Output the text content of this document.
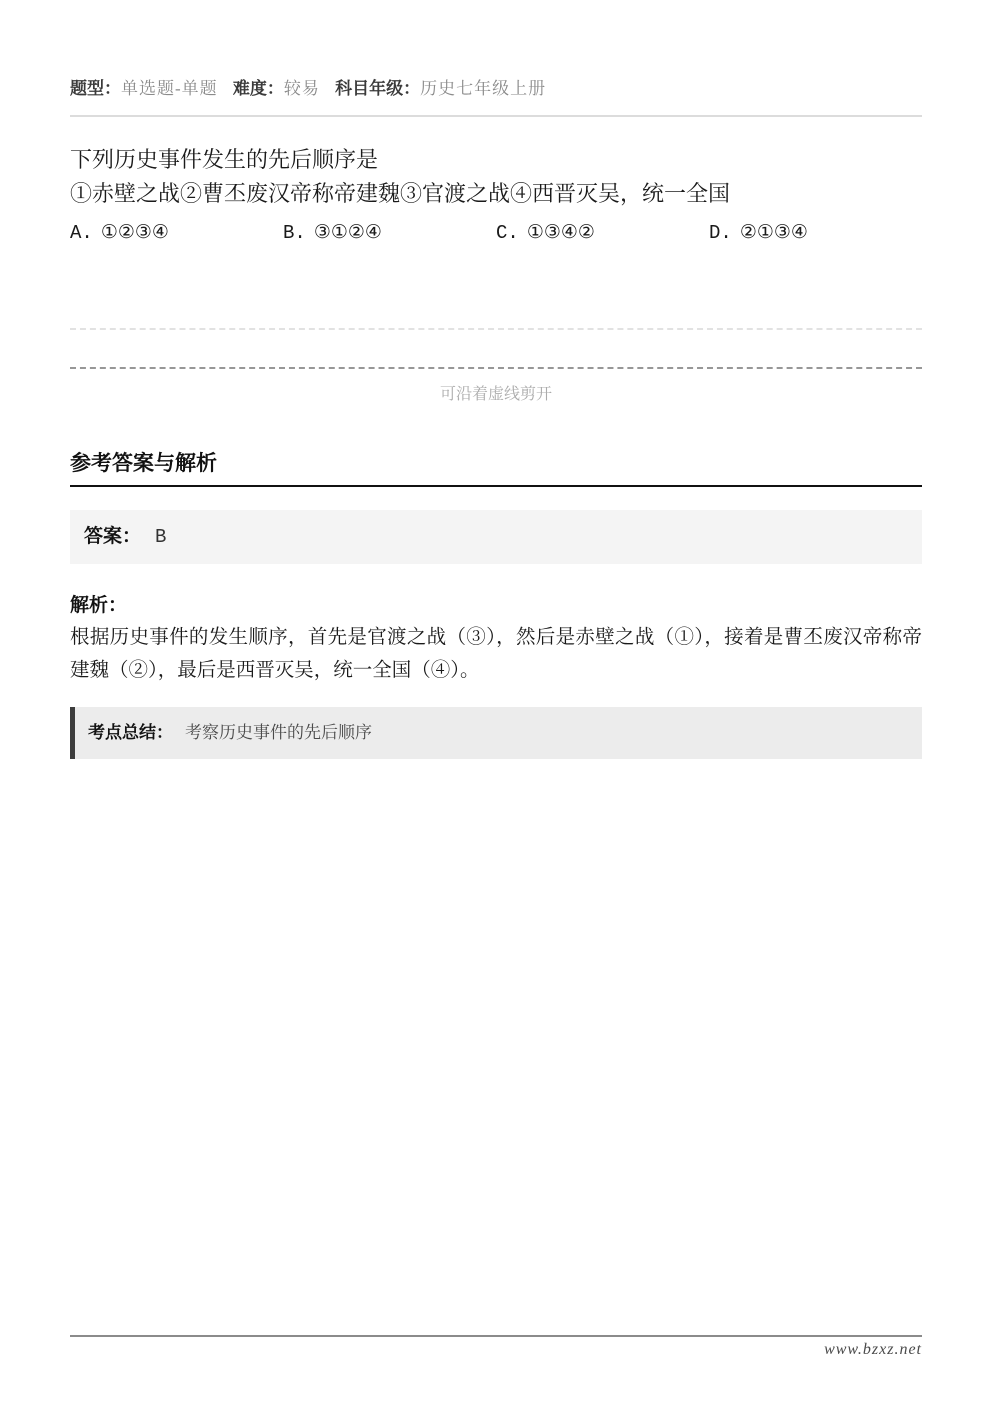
题型：单选题-单题 难度：较易 科目年级：历史七年级上册
下列历史事件发生的先后顺序是
①赤壁之战②曹丕废汉帝称帝建魏③官渡之战④西晋灭吴，统一全国
A. ①②③④	B. ③①②④	C. ①③④②	D. ②①③④
可沿着虚线剪开
参考答案与解析
答案： B
解析：
根据历史事件的发生顺序，首先是官渡之战（③），然后是赤壁之战（①），接着是曹丕废汉帝称帝建魏（②），最后是西晋灭吴，统一全国（④）。
考点总结： 考察历史事件的先后顺序
www.bzxz.net
